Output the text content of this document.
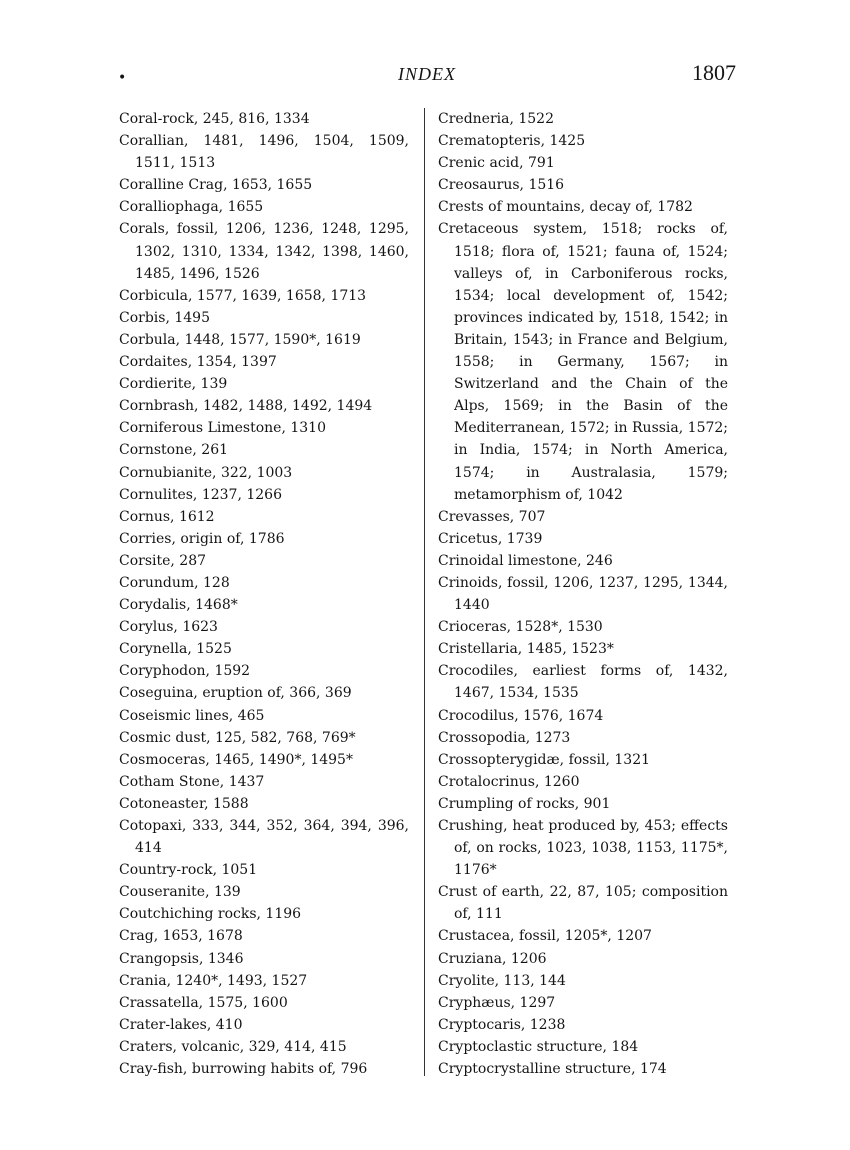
•	INDEX	1807
Coral-rock, 245, 816, 1334
Corallian, 1481, 1496, 1504, 1509, 1511, 1513
Coralline Crag, 1653, 1655
Coralliophaga, 1655
Corals, fossil, 1206, 1236, 1248, 1295, 1302, 1310, 1334, 1342, 1398, 1460, 1485, 1496, 1526
Corbicula, 1577, 1639, 1658, 1713
Corbis, 1495
Corbula, 1448, 1577, 1590*, 1619
Cordaites, 1354, 1397
Cordierite, 139
Cornbrash, 1482, 1488, 1492, 1494
Corniferous Limestone, 1310
Cornstone, 261
Cornubianite, 322, 1003
Cornulites, 1237, 1266
Cornus, 1612
Corries, origin of, 1786
Corsite, 287
Corundum, 128
Corydalis, 1468*
Corylus, 1623
Corynella, 1525
Coryphodon, 1592
Coseguina, eruption of, 366, 369
Coseismic lines, 465
Cosmic dust, 125, 582, 768, 769*
Cosmoceras, 1465, 1490*, 1495*
Cotham Stone, 1437
Cotoneaster, 1588
Cotopaxi, 333, 344, 352, 364, 394, 396, 414
Country-rock, 1051
Couseranite, 139
Coutchiching rocks, 1196
Crag, 1653, 1678
Crangopsis, 1346
Crania, 1240*, 1493, 1527
Crassatella, 1575, 1600
Crater-lakes, 410
Craters, volcanic, 329, 414, 415
Cray-fish, burrowing habits of, 796
Credneria, 1522
Crematopteris, 1425
Crenic acid, 791
Creosaurus, 1516
Crests of mountains, decay of, 1782
Cretaceous system, 1518; rocks of, 1518; flora of, 1521; fauna of, 1524; valleys of, in Carboniferous rocks, 1534; local development of, 1542; provinces indicated by, 1518, 1542; in Britain, 1543; in France and Belgium, 1558; in Germany, 1567; in Switzerland and the Chain of the Alps, 1569; in the Basin of the Mediterranean, 1572; in Russia, 1572; in India, 1574; in North America, 1574; in Australasia, 1579; metamorphism of, 1042
Crevasses, 707
Cricetus, 1739
Crinoidal limestone, 246
Crinoids, fossil, 1206, 1237, 1295, 1344, 1440
Crioceras, 1528*, 1530
Cristellaria, 1485, 1523*
Crocodiles, earliest forms of, 1432, 1467, 1534, 1535
Crocodilus, 1576, 1674
Crossopodia, 1273
Crossopterygidæ, fossil, 1321
Crotalocrinus, 1260
Crumpling of rocks, 901
Crushing, heat produced by, 453; effects of, on rocks, 1023, 1038, 1153, 1175*, 1176*
Crust of earth, 22, 87, 105; composition of, 111
Crustacea, fossil, 1205*, 1207
Cruziana, 1206
Cryolite, 113, 144
Cryphæus, 1297
Cryptocaris, 1238
Cryptoclastic structure, 184
Cryptocrystalline structure, 174
